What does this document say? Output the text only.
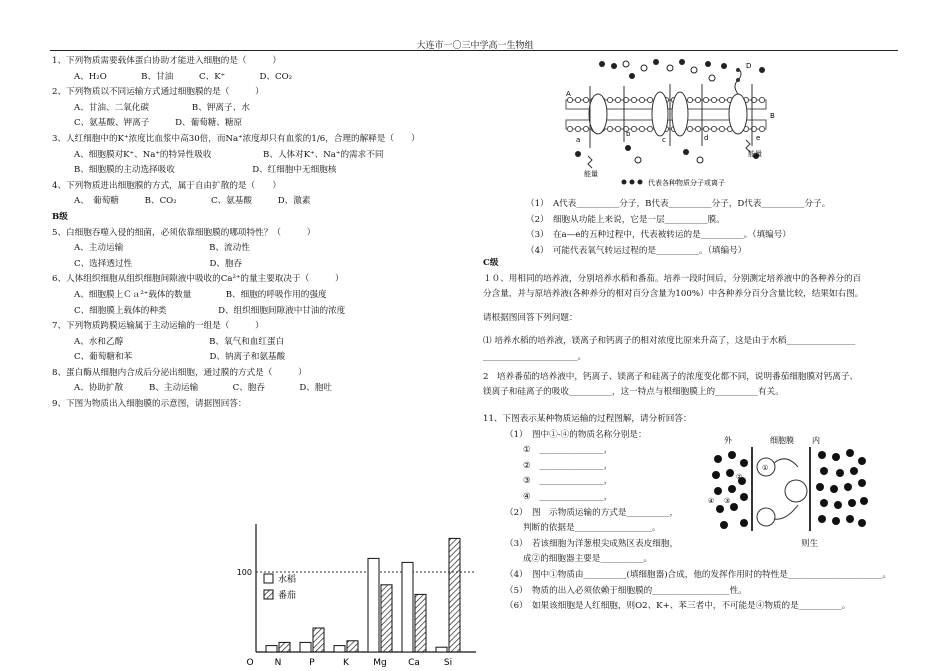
大连市一〇三中学高一生物组

1、下列物质需要载体蛋白协助才能进入细胞的是（　　　）

A、H₂O　　　　B、甘油　　　C、K⁺　　　　D、CO₂

2、下列物质以不同运输方式通过细胞膜的是（　　　）

A、甘油、二氧化碳　　　　　B、钾离子、水

C、氨基酸、钾离子　　　D、葡萄糖、糖原

3、人红细胞中的K⁺浓度比血浆中高30倍，而Na⁺浓度却只有血浆的1/6，合理的解释是（　　）

A、细胞膜对K⁺、Na⁺的特异性吸收　　　　　　B、人体对K⁺、Na⁺的需求不同

B、细胞膜的主动选择吸收　　　　　　　　　D、红细胞中无细胞核

4、下列物质进出细胞膜的方式，属于自由扩散的是（　　）

A、　葡萄糖　　　B、CO₂　　　　C、氨基酸　　　D、激素

B级

5、白细胞吞噬入侵的细菌，必须依靠细胞膜的哪项特性？（　　　）

A、主动运输　　　　　　　　　　B、流动性

C、选择透过性　　　　　　　　　D、胞吞

6、人体组织细胞从组织细胞间隙液中吸收的Ca²⁺的量主要取决于（　　　）

A、细胞膜上Ｃａ²⁺载体的数量　　　　B、细胞的呼吸作用的强度

C、细胞膜上载体的种类　　　　　　D、组织细胞间隙液中甘油的浓度

7、下列物质跨膜运输属于主动运输的一组是（　　　）

A、水和乙醇　　　　　　　　　　B、氧气和血红蛋白

C、葡萄糖和苯　　　　　　　　　D、钠离子和氨基酸

8、蛋白酶从细胞内合成后分泌出细胞，通过膜的方式是（　　　）

A、协助扩散　　　B、主动运输　　　　C、胞吞　　　　D、胞吐

9、下图为物质出入细胞膜的示意图，请据图回答：

能量
能量
a
b
c	d	e
A
B
D
代表各种物质分子或离子

（1）　A代表__________分子，B代表__________分子，D代表__________分子。

（2）　细胞从功能上来说，它是一层__________膜。

（3）　在a—e的五种过程中，代表被转运的是__________。（填编号）

（4）　可能代表氧气转运过程的是__________。（填编号）

C级

１０、用相同的培养液，分别培养水稻和番茄。培养一段时间后，分别测定培养液中的各种养分的百

分含量，并与原培养液(各种养分的相对百分含量为100%）中各种养分百分含量比较，结果如右图。

请根据图回答下列问题：

⑴ 培养水稻的培养液，镁离子和钙离子的相对浓度比原来升高了，这是由于水稻________________

______________________。

2　培养番茄的培养液中，钙离子、镁离子和硅离子的浓度变化都不同，说明番茄细胞膜对钙离子、

镁离子和硅离子的吸收__________，这一特点与根细胞膜上的__________有关。

11、下图表示某种物质运输的过程图解，请分析回答：

（1）　图中①-④的物质名称分别是：

①　_______________，

②　_______________，

③　_______________，

④　_______________，

（2）　图　示物质运输的方式是__________，

判断的依据是__________________。

（3）　若该细胞为洋葱根尖成熟区表皮细胞，                                             则生

成②的细胞器主要是__________。

（4）　图中①物质由__________(填细胞器)合成，他的发挥作用时的特性是______________________。

（5）　物质的出入必须依赖于细胞膜的__________________性。

（6）　如果该细胞是人红细胞，则O2、K+、苯三者中，不可能是④物质的是__________。

外	细胞膜 内
①
②
③
④
100
O N	P	K	Mg Ca	Si
水稻
番茄
